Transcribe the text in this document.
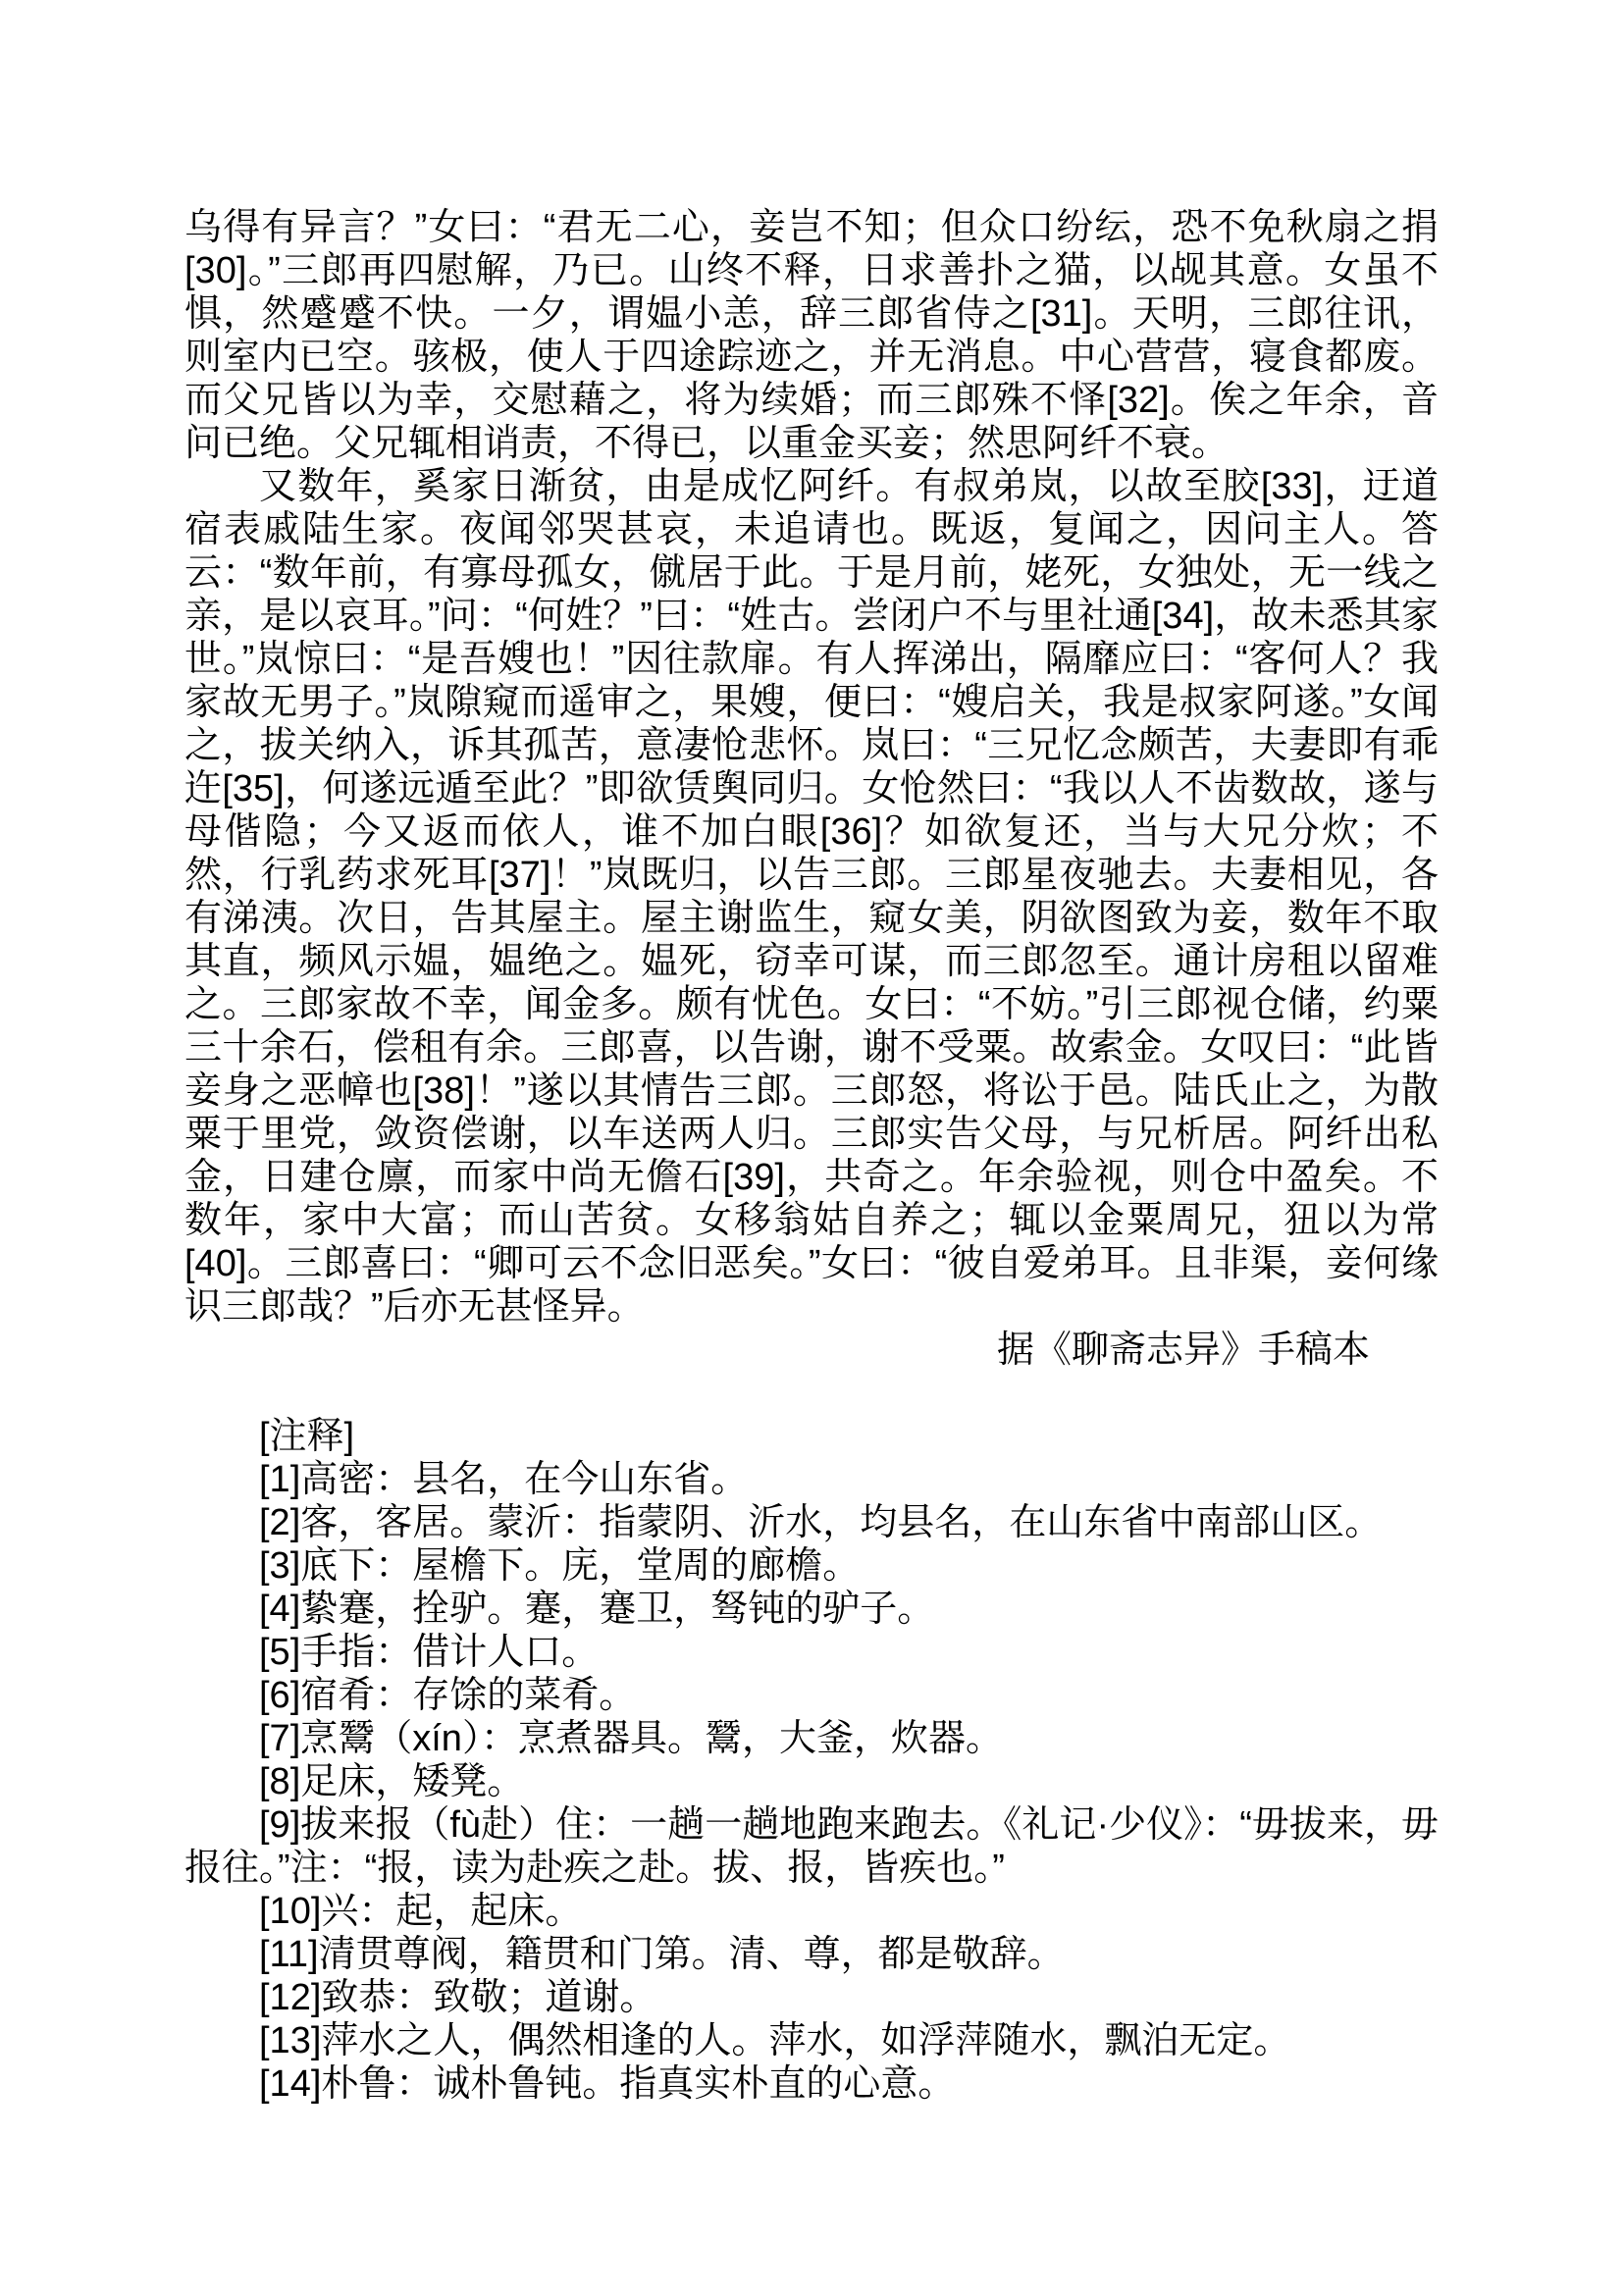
乌得有异言？”女曰：“君无二心，妾岂不知；但众口纷纭，恐不免秋扇之捐[30]。”三郎再四慰解，乃已。山终不释，日求善扑之猫，以觇其意。女虽不惧，然蹙蹙不快。一夕，谓媪小恙，辞三郎省侍之[31]。天明，三郎往讯，则室内已空。骇极，使人于四途踪迹之，并无消息。中心营营，寝食都废。而父兄皆以为幸，交慰藉之，将为续婚；而三郎殊不怿[32]。俟之年余，音问已绝。父兄辄相诮责，不得已，以重金买妾；然思阿纤不衰。

又数年，奚家日渐贫，由是成忆阿纤。有叔弟岚，以故至胶[33]，迂道宿表戚陆生家。夜闻邻哭甚哀，未追请也。既返，复闻之，因问主人。答云：“数年前，有寡母孤女，僦居于此。于是月前，姥死，女独处，无一线之亲，是以哀耳。”问：“何姓？”曰：“姓古。尝闭户不与里社通[34]，故未悉其家世。”岚惊曰：“是吾嫂也！”因往款扉。有人挥涕出，隔靡应曰：“客何人？我家故无男子。”岚隙窥而遥审之，果嫂，便曰：“嫂启关，我是叔家阿遂。”女闻之，拔关纳入，诉其孤苦，意凄怆悲怀。岚曰：“三兄忆念颇苦，夫妻即有乖迕[35]，何遂远遁至此？”即欲赁舆同归。女怆然曰：“我以人不齿数故，遂与母偕隐；今又返而依人，谁不加白眼[36]？如欲复还，当与大兄分炊；不然，行乳药求死耳[37]！”岚既归，以告三郎。三郎星夜驰去。夫妻相见，各有涕洟。次日，告其屋主。屋主谢监生，窥女美，阴欲图致为妾，数年不取其直，频风示媪，媪绝之。媪死，窃幸可谋，而三郎忽至。通计房租以留难之。三郎家故不幸，闻金多。颇有忧色。女曰：“不妨。”引三郎视仓储，约粟三十余石，偿租有余。三郎喜，以告谢，谢不受粟。故索金。女叹曰：“此皆妾身之恶幛也[38]！”遂以其情告三郎。三郎怒，将讼于邑。陆氏止之，为散粟于里党，敛资偿谢，以车送两人归。三郎实告父母，与兄析居。阿纤出私金，日建仓廪，而家中尚无儋石[39]，共奇之。年余验视，则仓中盈矣。不数年，家中大富；而山苦贫。女移翁姑自养之；辄以金粟周兄，狃以为常[40]。三郎喜曰：“卿可云不念旧恶矣。”女曰：“彼自爱弟耳。且非渠，妾何缘识三郎哉？”后亦无甚怪异。

据《聊斋志异》手稿本

[注释]

[1]高密：县名，在今山东省。

[2]客，客居。蒙沂：指蒙阴、沂水，均县名，在山东省中南部山区。

[3]底下：屋檐下。庑，堂周的廊檐。

[4]絷蹇，拴驴。蹇，蹇卫，驽钝的驴子。

[5]手指：借计人口。

[6]宿肴：存馀的菜肴。

[7]烹鬵（xín）：烹煮器具。鬵，大釜，炊器。

[8]足床，矮凳。

[9]拔来报（fù赴）住：一趟一趟地跑来跑去。《礼记·少仪》：“毋拔来，毋报往。”注：“报，读为赴疾之赴。拔、报，皆疾也。”

[10]兴：起，起床。

[11]清贯尊阀，籍贯和门第。清、尊，都是敬辞。

[12]致恭：致敬；道谢。

[13]萍水之人，偶然相逢的人。萍水，如浮萍随水，飘泊无定。

[14]朴鲁：诚朴鲁钝。指真实朴直的心意。
